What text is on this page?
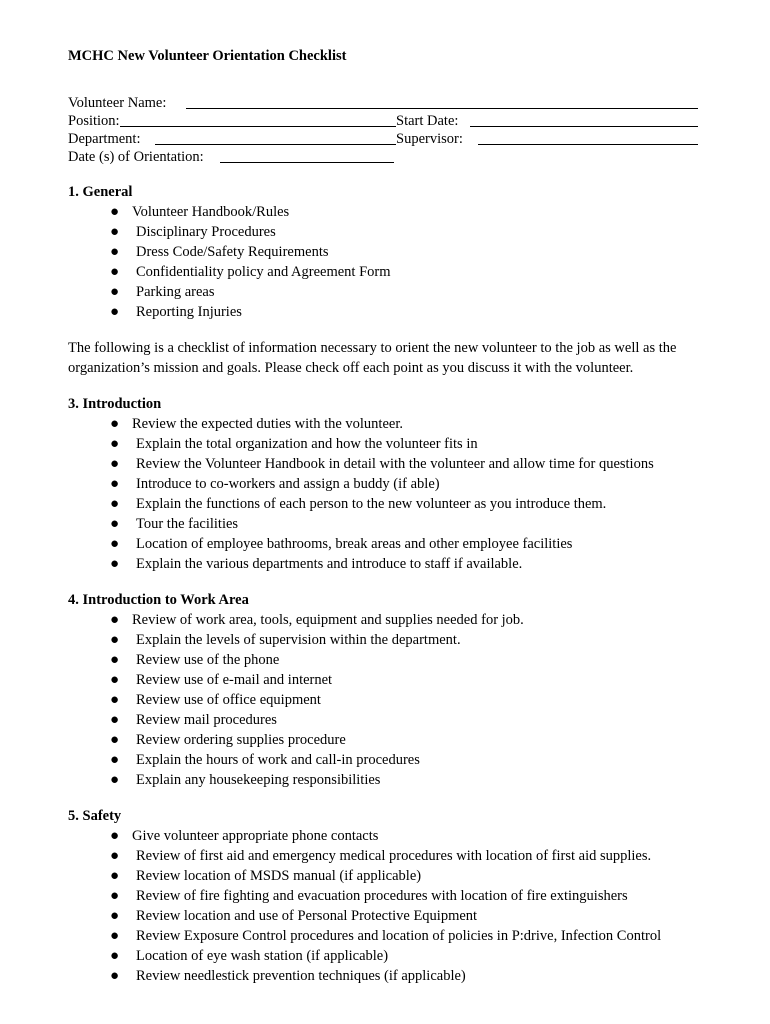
MCHC New Volunteer Orientation Checklist
Volunteer Name:
Position:	Start Date:
Department:	Supervisor:
Date (s) of Orientation:
1. General
● Volunteer Handbook/Rules
● Disciplinary Procedures
● Dress Code/Safety Requirements
● Confidentiality policy and Agreement Form
● Parking areas
● Reporting Injuries
The following is a checklist of information necessary to orient the new volunteer to the job as well as the organization’s mission and goals. Please check off each point as you discuss it with the volunteer.
3. Introduction
● Review the expected duties with the volunteer.
● Explain the total organization and how the volunteer fits in
● Review the Volunteer Handbook in detail with the volunteer and allow time for questions
● Introduce to co-workers and assign a buddy (if able)
● Explain the functions of each person to the new volunteer as you introduce them.
● Tour the facilities
● Location of employee bathrooms, break areas and other employee facilities
● Explain the various departments and introduce to staff if available.
4. Introduction to Work Area
● Review of work area, tools, equipment and supplies needed for job.
● Explain the levels of supervision within the department.
● Review use of the phone
● Review use of e-mail and internet
● Review use of office equipment
● Review mail procedures
● Review ordering supplies procedure
● Explain the hours of work and call-in procedures
● Explain any housekeeping responsibilities
5. Safety
● Give volunteer appropriate phone contacts
● Review of first aid and emergency medical procedures with location of first aid supplies.
● Review location of MSDS manual (if applicable)
● Review of fire fighting and evacuation procedures with location of fire extinguishers
● Review location and use of Personal Protective Equipment
● Review Exposure Control procedures and location of policies in P:drive, Infection Control
● Location of eye wash station (if applicable)
● Review needlestick prevention techniques (if applicable)
